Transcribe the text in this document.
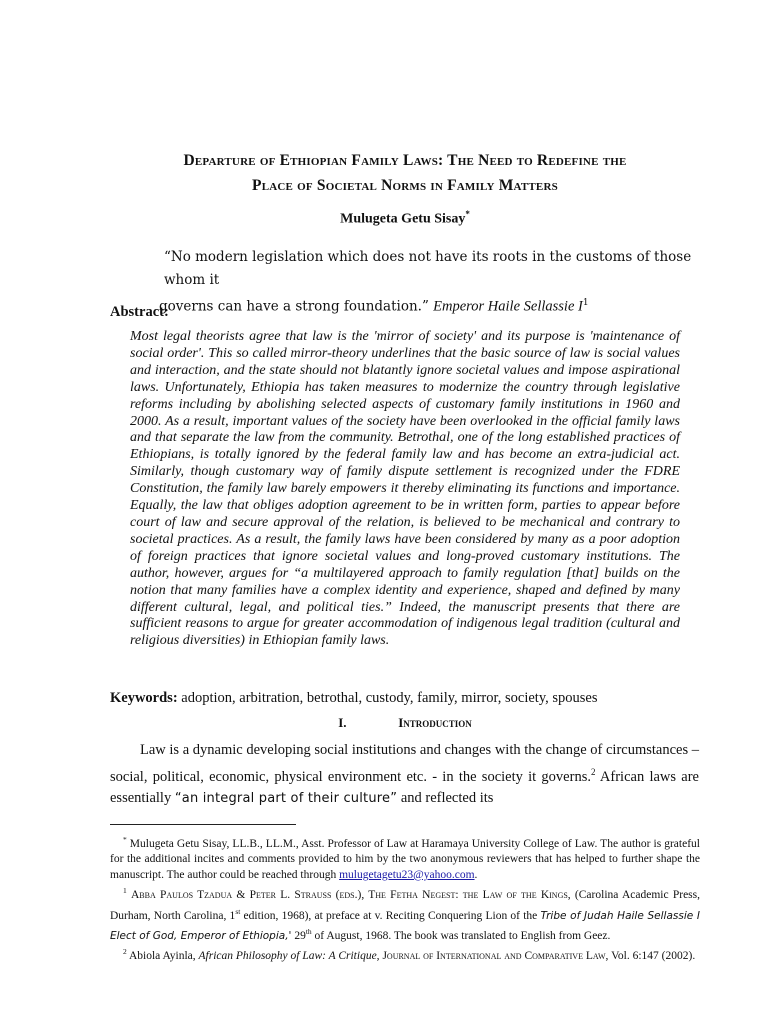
Departure of Ethiopian Family Laws: The Need to Redefine the
Place of Societal Norms in Family Matters
Mulugeta Getu Sisay*
“No modern legislation which does not have its roots in the customs of those whom it
governs can have a strong foundation.” Emperor Haile Sellassie $I^1$
Abstract:
Most legal theorists agree that law is the 'mirror of society' and its purpose is 'maintenance of social order'. This so called mirror-theory underlines that the basic source of law is social values and interaction, and the state should not blatantly ignore societal values and impose aspirational laws. Unfortunately, Ethiopia has taken measures to modernize the country through legislative reforms including by abolishing selected aspects of customary family institutions in 1960 and 2000. As a result, important values of the society have been overlooked in the official family laws and that separate the law from the community. Betrothal, one of the long established practices of Ethiopians, is totally ignored by the federal family law and has become an extra-judicial act. Similarly, though customary way of family dispute settlement is recognized under the FDRE Constitution, the family law barely empowers it thereby eliminating its functions and importance. Equally, the law that obliges adoption agreement to be in written form, parties to appear before court of law and secure approval of the relation, is believed to be mechanical and contrary to societal practices. As a result, the family laws have been considered by many as a poor adoption of foreign practices that ignore societal values and long-proved customary institutions. The author, however, argues for “a multilayered approach to family regulation [that] builds on the notion that many families have a complex identity and experience, shaped and defined by many different cultural, legal, and political ties.” Indeed, the manuscript presents that there are sufficient reasons to argue for greater accommodation of indigenous legal tradition (cultural and religious diversities) in Ethiopian family laws.
Keywords: adoption, arbitration, betrothal, custody, family, mirror, society, spouses
I.	Introduction

Law is a dynamic developing social institutions and changes with the change of circumstances – social, political, economic, physical environment etc. - in the society it governs.$^2$ African laws are essentially “an integral part of their culture” and reflected its

* Mulugeta Getu Sisay, LL.B., LL.M., Asst. Professor of Law at Haramaya University College of Law. The author is grateful for the additional incites and comments provided to him by the two anonymous reviewers that has helped to further shape the manuscript. The author could be reached through mulugetagetu23@yahoo.com.

$^1$ Abba Paulos Tzadua & Peter L. Strauss (eds.), The Fetha Negest: the Law of the Kings, (Carolina Academic Press, Durham, North Carolina, 1st edition, 1968), at preface at v. Reciting Conquering Lion of the Tribe of Judah Haile Sellassie I Elect of God, Emperor of Ethiopia,' 29th of August, 1968. The book was translated to English from Geez.

$^2$ Abiola Ayinla, African Philosophy of Law: A Critique, Journal of International and Comparative Law, Vol. 6:147 (2002).
